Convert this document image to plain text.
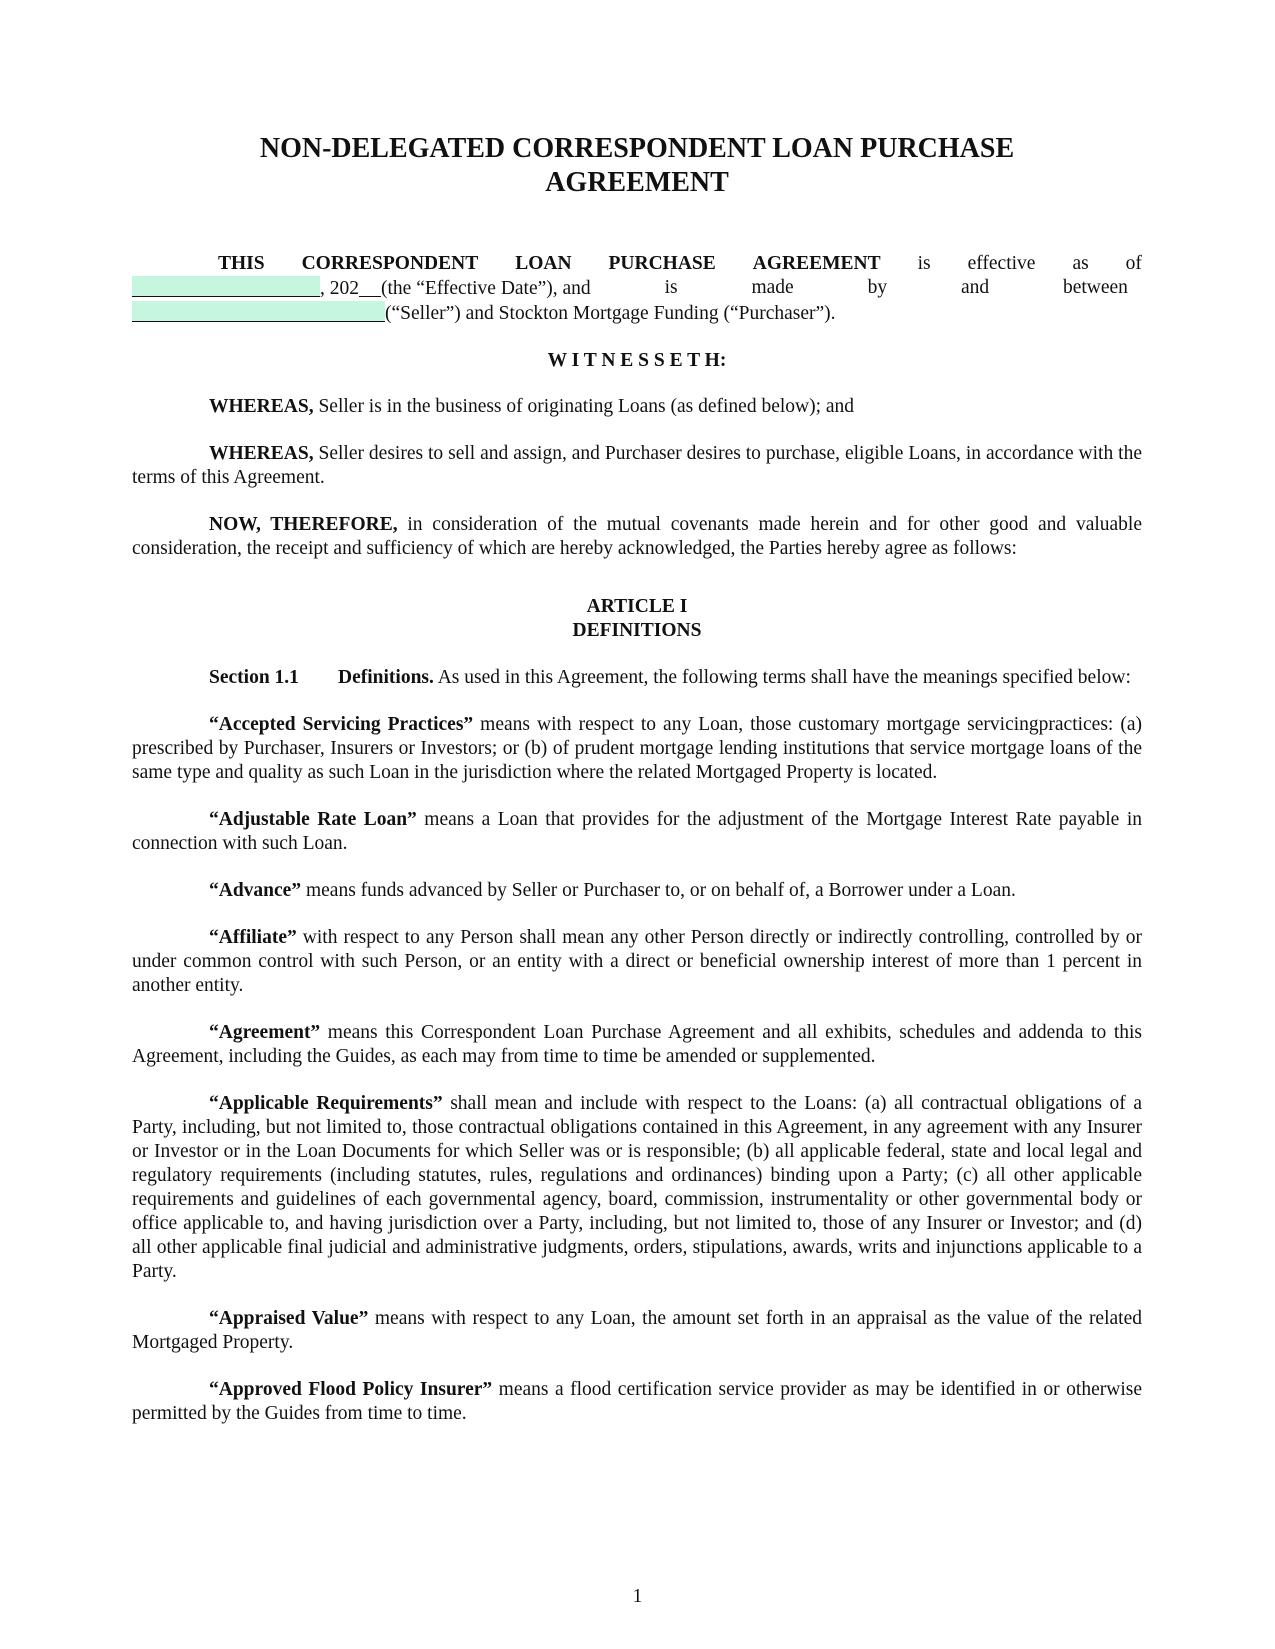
NON-DELEGATED CORRESPONDENT LOAN PURCHASE
AGREEMENT
THIS CORRESPONDENT LOAN PURCHASE AGREEMENT is effective as of
, 202 (the “Effective Date”), and	is	made	by	and	between
(“Seller”) and Stockton Mortgage Funding (“Purchaser”).

W I T N E S S E T H:

WHEREAS, Seller is in the business of originating Loans (as defined below); and

WHEREAS, Seller desires to sell and assign, and Purchaser desires to purchase, eligible Loans, in accordance with the terms of this Agreement.

NOW, THEREFORE, in consideration of the mutual covenants made herein and for other good and valuable consideration, the receipt and sufficiency of which are hereby acknowledged, the Parties hereby agree as follows:

ARTICLE I
DEFINITIONS

Section 1.1 Definitions. As used in this Agreement, the following terms shall have the meanings specified below:

“Accepted Servicing Practices” means with respect to any Loan, those customary mortgage servicingpractices: (a) prescribed by Purchaser, Insurers or Investors; or (b) of prudent mortgage lending institutions that service mortgage loans of the same type and quality as such Loan in the jurisdiction where the related Mortgaged Property is located.

“Adjustable Rate Loan” means a Loan that provides for the adjustment of the Mortgage Interest Rate payable in connection with such Loan.

“Advance” means funds advanced by Seller or Purchaser to, or on behalf of, a Borrower under a Loan.

“Affiliate” with respect to any Person shall mean any other Person directly or indirectly controlling, controlled by or under common control with such Person, or an entity with a direct or beneficial ownership interest of more than 1 percent in another entity.

“Agreement” means this Correspondent Loan Purchase Agreement and all exhibits, schedules and addenda to this Agreement, including the Guides, as each may from time to time be amended or supplemented.

“Applicable Requirements” shall mean and include with respect to the Loans: (a) all contractual obligations of a Party, including, but not limited to, those contractual obligations contained in this Agreement, in any agreement with any Insurer or Investor or in the Loan Documents for which Seller was or is responsible; (b) all applicable federal, state and local legal and regulatory requirements (including statutes, rules, regulations and ordinances) binding upon a Party; (c) all other applicable requirements and guidelines of each governmental agency, board, commission, instrumentality or other governmental body or office applicable to, and having jurisdiction over a Party, including, but not limited to, those of any Insurer or Investor; and (d) all other applicable final judicial and administrative judgments, orders, stipulations, awards, writs and injunctions applicable to a Party.

“Appraised Value” means with respect to any Loan, the amount set forth in an appraisal as the value of the related Mortgaged Property.

“Approved Flood Policy Insurer” means a flood certification service provider as may be identified in or otherwise permitted by the Guides from time to time.

1
